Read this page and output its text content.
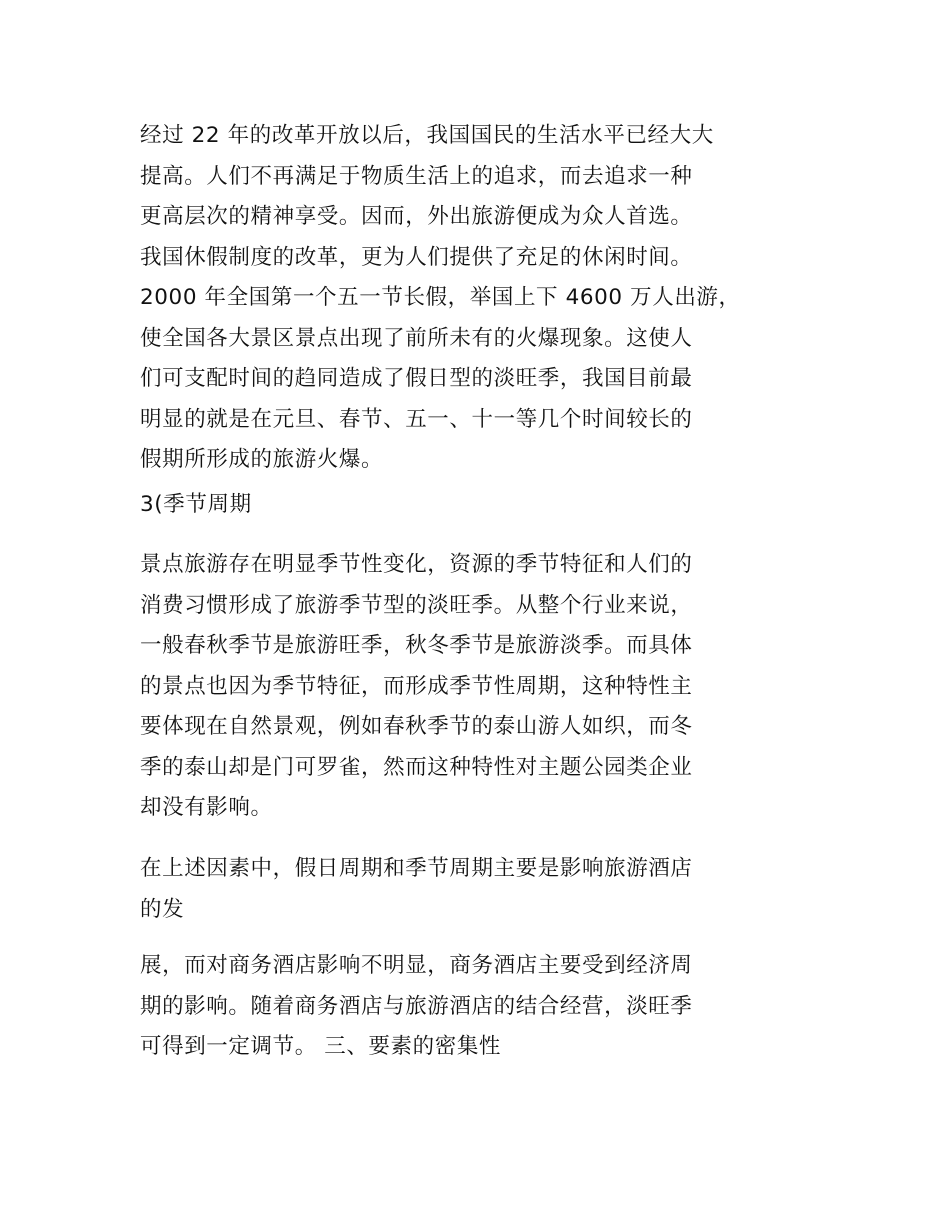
经过 22 年的改革开放以后，我国国民的生活水平已经大大
提高。人们不再满足于物质生活上的追求，而去追求一种
更高层次的精神享受。因而，外出旅游便成为众人首选。
我国休假制度的改革，更为人们提供了充足的休闲时间。
2000 年全国第一个五一节长假，举国上下 4600 万人出游，
使全国各大景区景点出现了前所未有的火爆现象。这使人
们可支配时间的趋同造成了假日型的淡旺季，我国目前最
明显的就是在元旦、春节、五一、十一等几个时间较长的
假期所形成的旅游火爆。
3(季节周期
景点旅游存在明显季节性变化，资源的季节特征和人们的
消费习惯形成了旅游季节型的淡旺季。从整个行业来说，
一般春秋季节是旅游旺季，秋冬季节是旅游淡季。而具体
的景点也因为季节特征，而形成季节性周期，这种特性主
要体现在自然景观，例如春秋季节的泰山游人如织，而冬
季的泰山却是门可罗雀，然而这种特性对主题公园类企业
却没有影响。
在上述因素中，假日周期和季节周期主要是影响旅游酒店
的发
展，而对商务酒店影响不明显，商务酒店主要受到经济周
期的影响。随着商务酒店与旅游酒店的结合经营，淡旺季
可得到一定调节。 三、要素的密集性
